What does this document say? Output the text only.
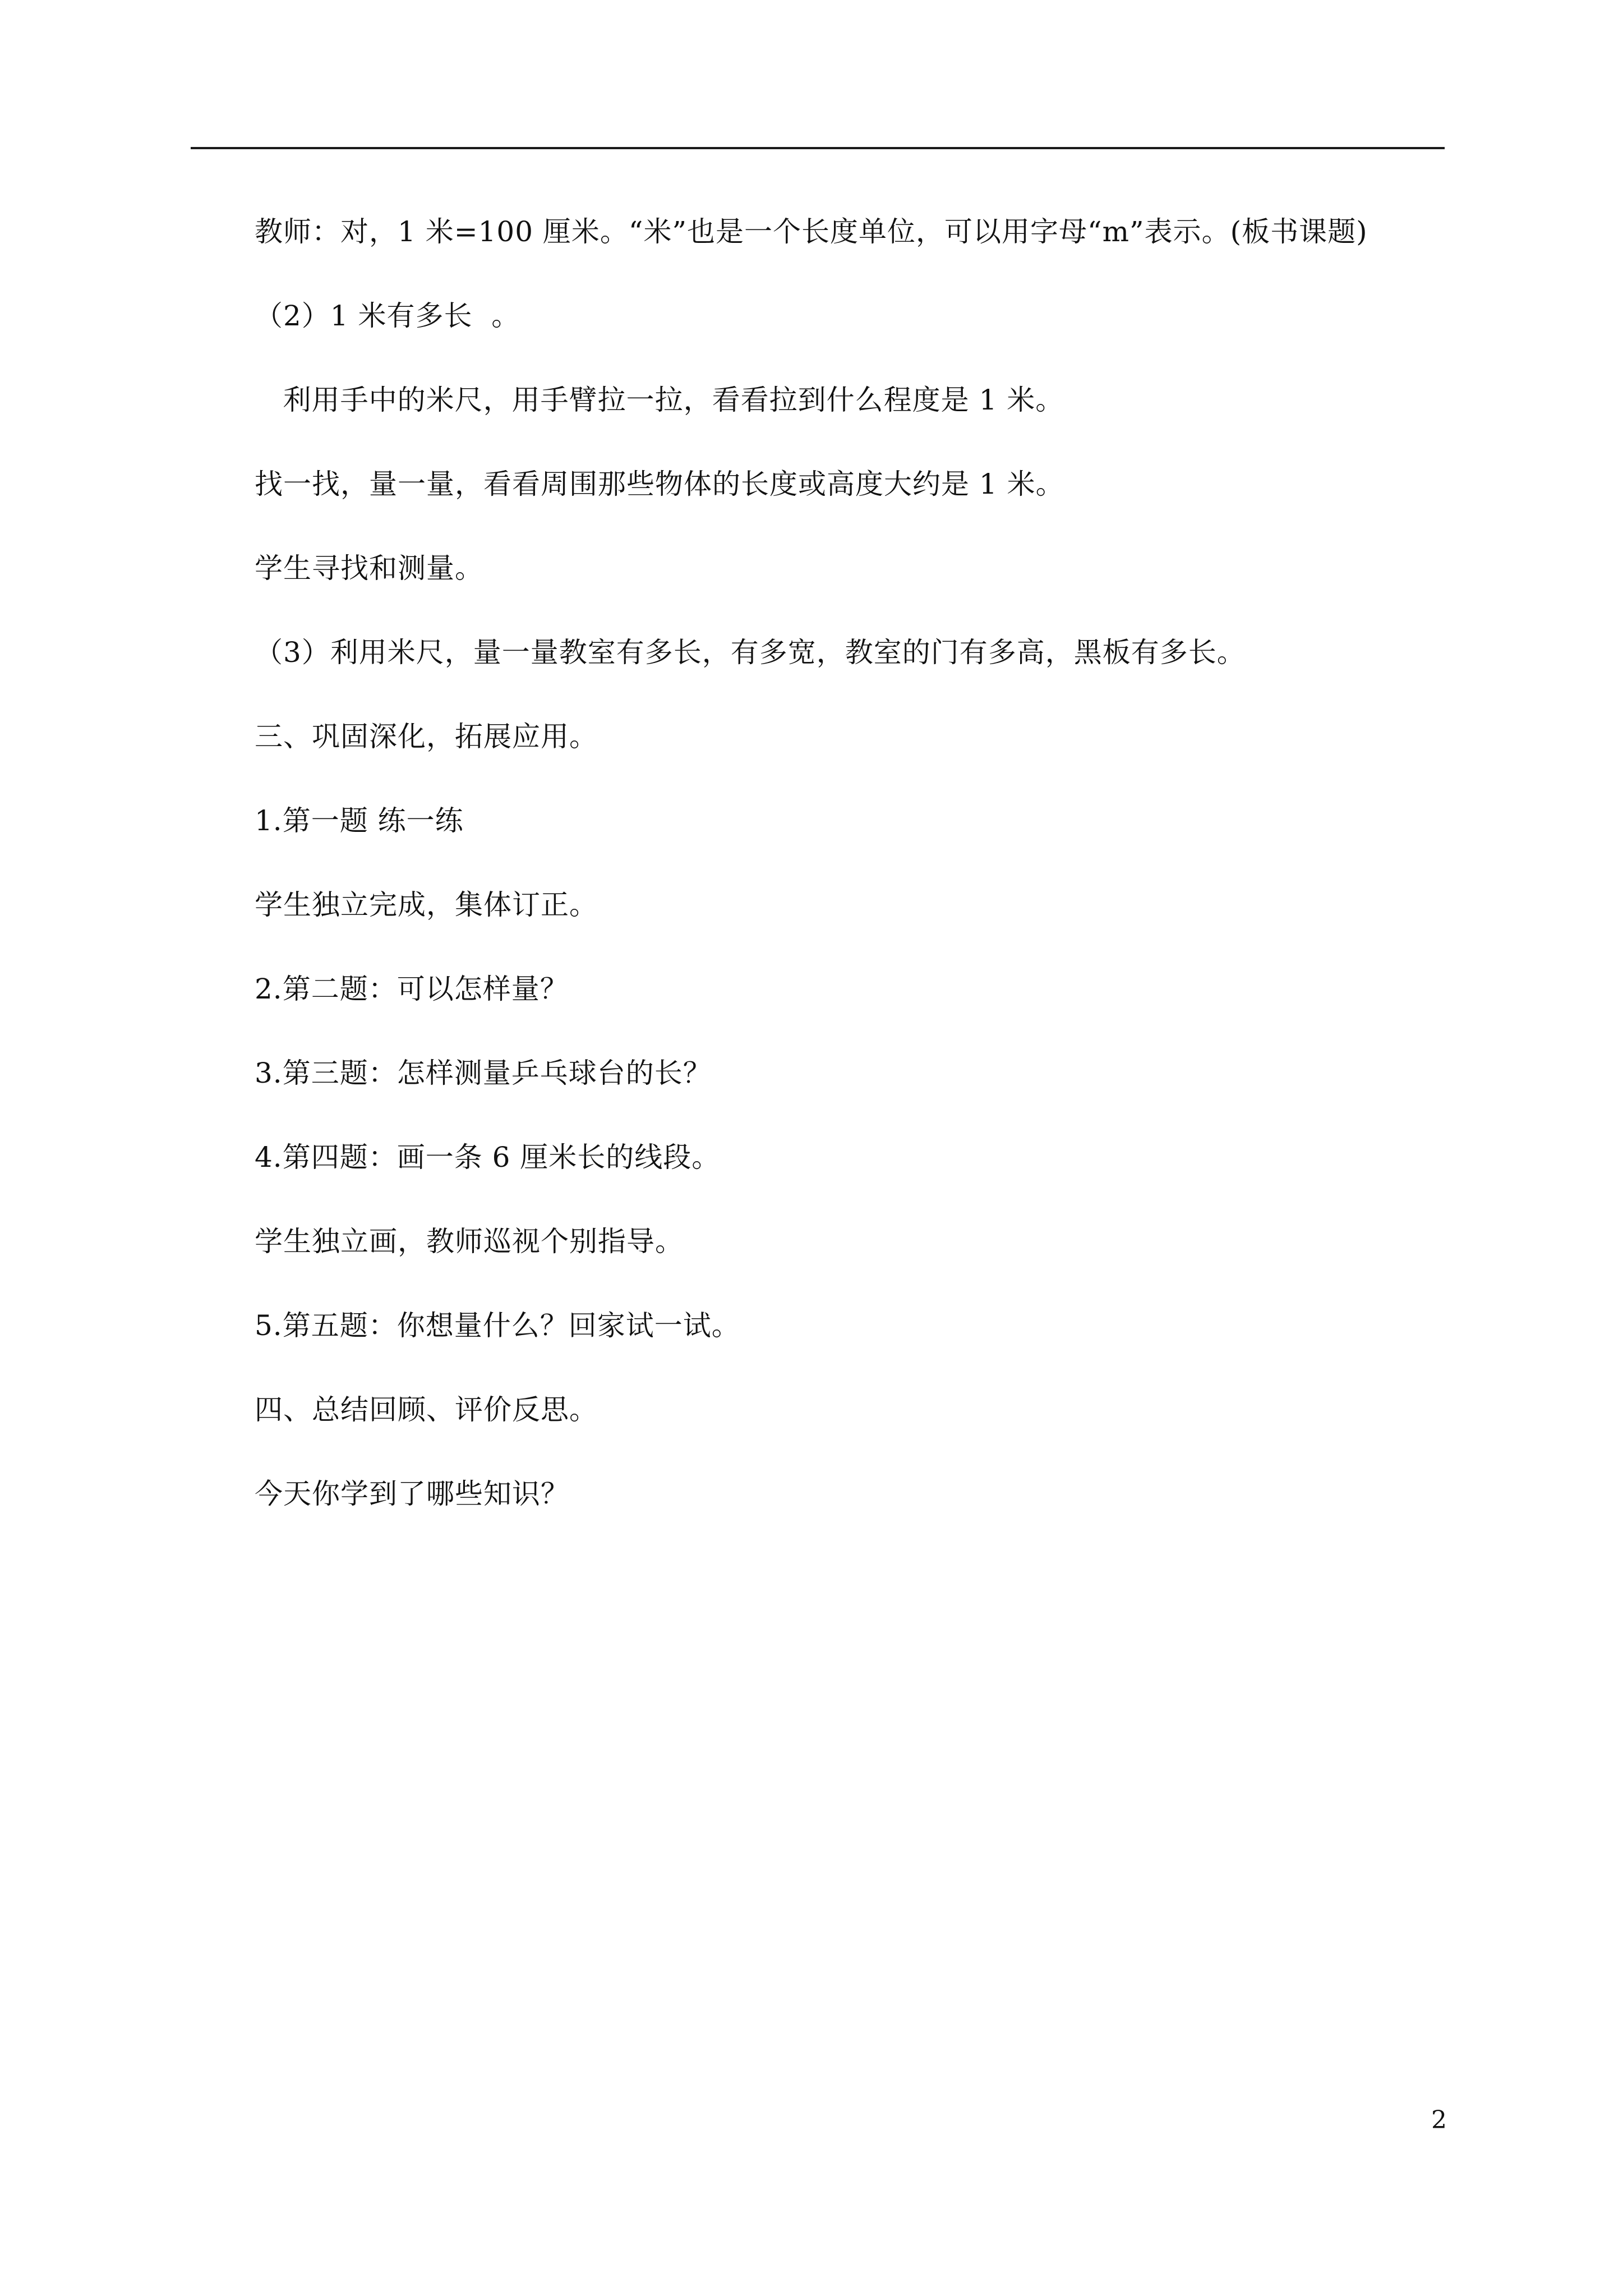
教师：对，1 米=100 厘米。“米”也是一个长度单位，可以用字母“m”表示。(板书课题)
（2）1 米有多长  。
利用手中的米尺，用手臂拉一拉，看看拉到什么程度是 1 米。
找一找，量一量，看看周围那些物体的长度或高度大约是 1 米。
学生寻找和测量。
（3）利用米尺，量一量教室有多长，有多宽，教室的门有多高，黑板有多长。
三、巩固深化，拓展应用。
1.第一题 练一练
学生独立完成，集体订正。
2.第二题：可以怎样量？
3.第三题：怎样测量乒乓球台的长？
4.第四题：画一条 6 厘米长的线段。
学生独立画，教师巡视个别指导。
5.第五题：你想量什么？回家试一试。
四、总结回顾、评价反思。
今天你学到了哪些知识？
2
